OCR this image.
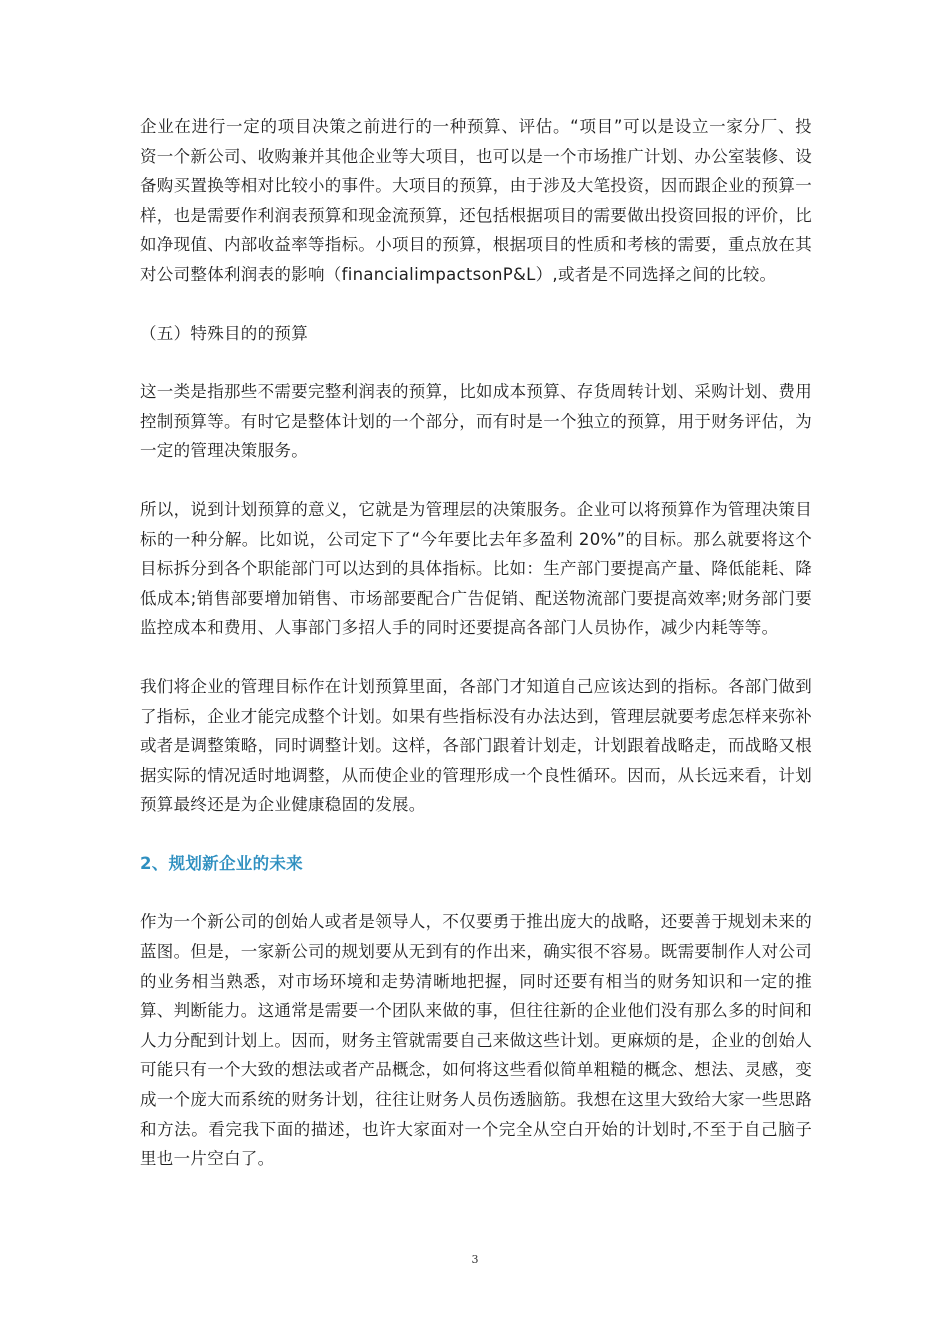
企业在进行一定的项目决策之前进行的一种预算、评估。“项目”可以是设立一家分厂、投资一个新公司、收购兼并其他企业等大项目，也可以是一个市场推广计划、办公室装修、设备购买置换等相对比较小的事件。大项目的预算，由于涉及大笔投资，因而跟企业的预算一样，也是需要作利润表预算和现金流预算，还包括根据项目的需要做出投资回报的评价，比如净现值、内部收益率等指标。小项目的预算，根据项目的性质和考核的需要，重点放在其对公司整体利润表的影响（financialimpactsonP&L）,或者是不同选择之间的比较。

（五）特殊目的的预算

这一类是指那些不需要完整利润表的预算，比如成本预算、存货周转计划、采购计划、费用控制预算等。有时它是整体计划的一个部分，而有时是一个独立的预算，用于财务评估，为一定的管理决策服务。

所以，说到计划预算的意义，它就是为管理层的决策服务。企业可以将预算作为管理决策目标的一种分解。比如说，公司定下了“今年要比去年多盈利 20%”的目标。那么就要将这个目标拆分到各个职能部门可以达到的具体指标。比如：生产部门要提高产量、降低能耗、降低成本;销售部要增加销售、市场部要配合广告促销、配送物流部门要提高效率;财务部门要监控成本和费用、人事部门多招人手的同时还要提高各部门人员协作，减少内耗等等。

我们将企业的管理目标作在计划预算里面，各部门才知道自己应该达到的指标。各部门做到了指标，企业才能完成整个计划。如果有些指标没有办法达到，管理层就要考虑怎样来弥补或者是调整策略，同时调整计划。这样，各部门跟着计划走，计划跟着战略走，而战略又根据实际的情况适时地调整，从而使企业的管理形成一个良性循环。因而，从长远来看，计划预算最终还是为企业健康稳固的发展。

2、规划新企业的未来

作为一个新公司的创始人或者是领导人，不仅要勇于推出庞大的战略，还要善于规划未来的蓝图。但是，一家新公司的规划要从无到有的作出来，确实很不容易。既需要制作人对公司的业务相当熟悉，对市场环境和走势清晰地把握，同时还要有相当的财务知识和一定的推算、判断能力。这通常是需要一个团队来做的事，但往往新的企业他们没有那么多的时间和人力分配到计划上。因而，财务主管就需要自己来做这些计划。更麻烦的是，企业的创始人可能只有一个大致的想法或者产品概念，如何将这些看似简单粗糙的概念、想法、灵感，变成一个庞大而系统的财务计划，往往让财务人员伤透脑筋。我想在这里大致给大家一些思路和方法。看完我下面的描述，也许大家面对一个完全从空白开始的计划时,不至于自己脑子里也一片空白了。

3
